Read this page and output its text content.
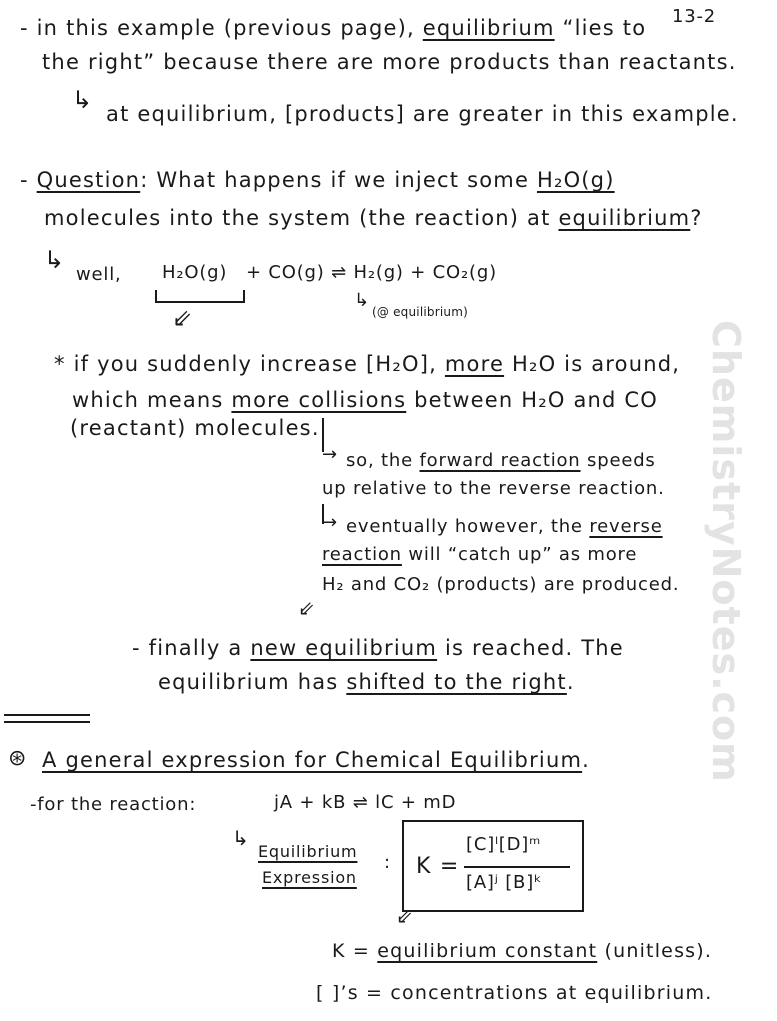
13-2
ChemistryNotes.com
- in this example (previous page), equilibrium “lies to
the right” because there are more products than reactants.
↳ at equilibrium, [products] are greater in this example.
- Question: What happens if we inject some H₂O(g)
molecules into the system (the reaction) at equilibrium?
↳
well, H₂O(g) + CO(g) ⇌ H₂(g) + CO₂(g)
⇙
↳
(@ equilibrium)
* if you suddenly increase [H₂O], more H₂O is around,
which means more collisions between H₂O and CO
(reactant) molecules.
→ so, the forward reaction speeds
up relative to the reverse reaction.
→ eventually however, the reverse
reaction will “catch up” as more
H₂ and CO₂ (products) are produced.
⇙
- finally a new equilibrium is reached. The
equilibrium has shifted to the right.
⊛ A general expression for Chemical Equilibrium.
-for the reaction:	jA + kB ⇌ lC + mD
↳
Equilibrium
Expression
: K =
[C]ˡ[D]ᵐ
[A]ʲ [B]ᵏ
⇙
K = equilibrium constant (unitless).
[ ]’s = concentrations at equilibrium.
